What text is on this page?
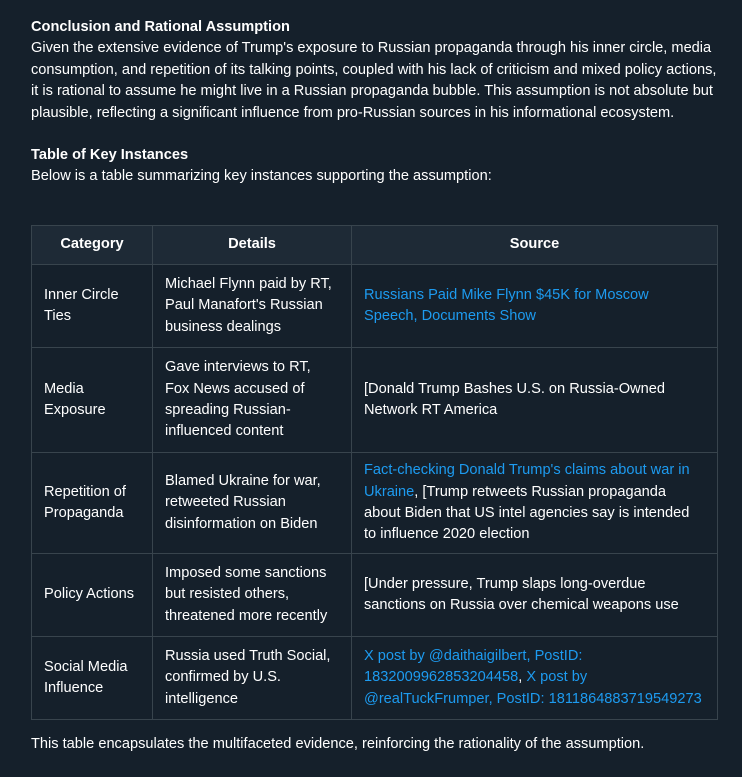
Conclusion and Rational Assumption

Given the extensive evidence of Trump's exposure to Russian propaganda through his inner circle, media consumption, and repetition of its talking points, coupled with his lack of criticism and mixed policy actions, it is rational to assume he might live in a Russian propaganda bubble. This assumption is not absolute but plausible, reflecting a significant influence from pro-Russian sources in his informational ecosystem.

Table of Key Instances

Below is a table summarizing key instances supporting the assumption:

Category	Details	Source
Inner Circle Ties	Michael Flynn paid by RT, Paul Manafort's Russian business dealings	Russians Paid Mike Flynn $45K for Moscow Speech, Documents Show
Media Exposure	Gave interviews to RT, Fox News accused of spreading Russian-influenced content	[Donald Trump Bashes U.S. on Russia-Owned Network RT America
Repetition of Propaganda	Blamed Ukraine for war, retweeted Russian disinformation on Biden	Fact-checking Donald Trump's claims about war in Ukraine, [Trump retweets Russian propaganda about Biden that US intel agencies say is intended to influence 2020 election
Policy Actions	Imposed some sanctions but resisted others, threatened more recently	[Under pressure, Trump slaps long-overdue sanctions on Russia over chemical weapons use
Social Media Influence	Russia used Truth Social, confirmed by U.S. intelligence	X post by @daithaigilbert, PostID: 1832009962853204458, X post by @realTuckFrumper, PostID: 1811864883719549273

This table encapsulates the multifaceted evidence, reinforcing the rationality of the assumption.
